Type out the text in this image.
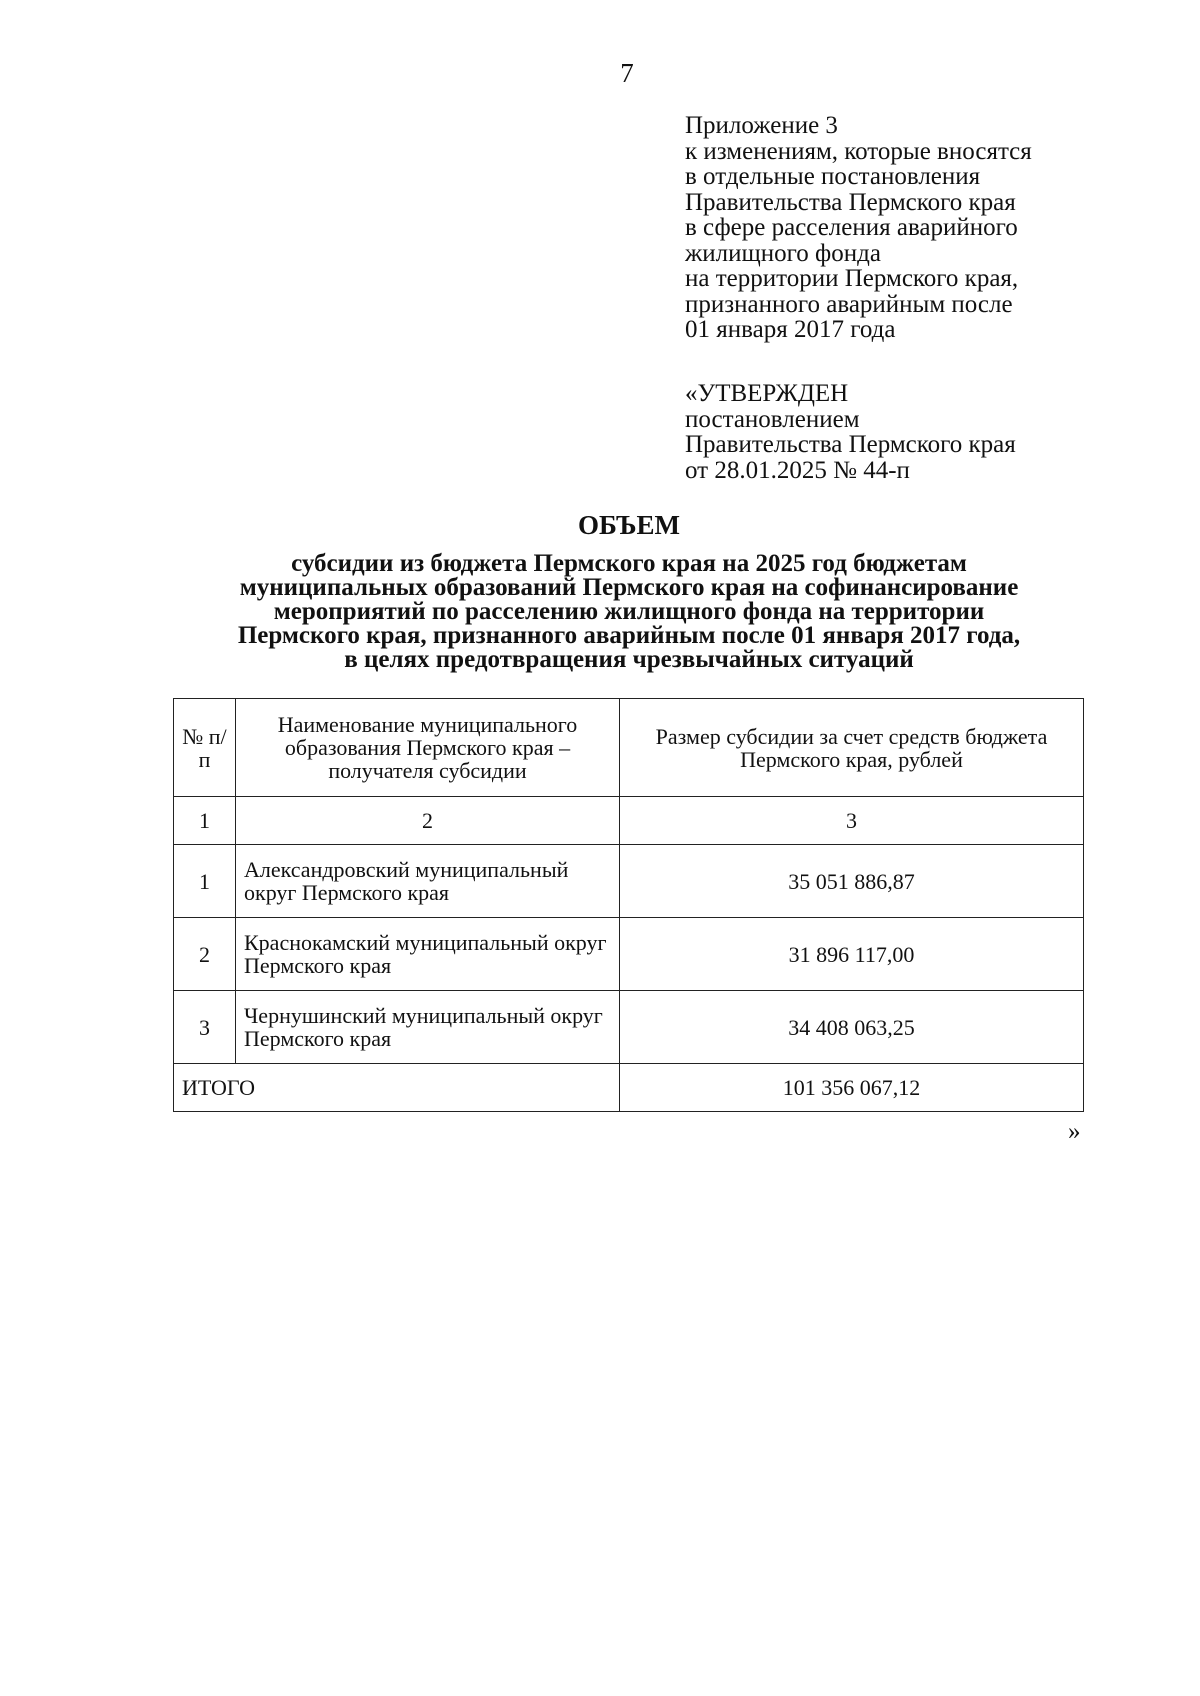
7
Приложение 3
к изменениям, которые вносятся
в отдельные постановления
Правительства Пермского края
в сфере расселения аварийного
жилищного фонда
на территории Пермского края,
признанного аварийным после
01 января 2017 года
«УТВЕРЖДЕН
постановлением
Правительства Пермского края
от 28.01.2025 № 44-п
ОБЪЕМ
субсидии из бюджета Пермского края на 2025 год бюджетам
муниципальных образований Пермского края на софинансирование
мероприятий по расселению жилищного фонда на территории
Пермского края, признанного аварийным после 01 января 2017 года,
в целях предотвращения чрезвычайных ситуаций
№ п/п	Наименование муниципального образования Пермского края – получателя субсидии	Размер субсидии за счет средств бюджета Пермского края, рублей
1	2	3
1	Александровский муниципальный округ Пермского края	35 051 886,87
2	Краснокамский муниципальный округ Пермского края	31 896 117,00
3	Чернушинский муниципальный округ Пермского края	34 408 063,25
ИТОГО		101 356 067,12
»
